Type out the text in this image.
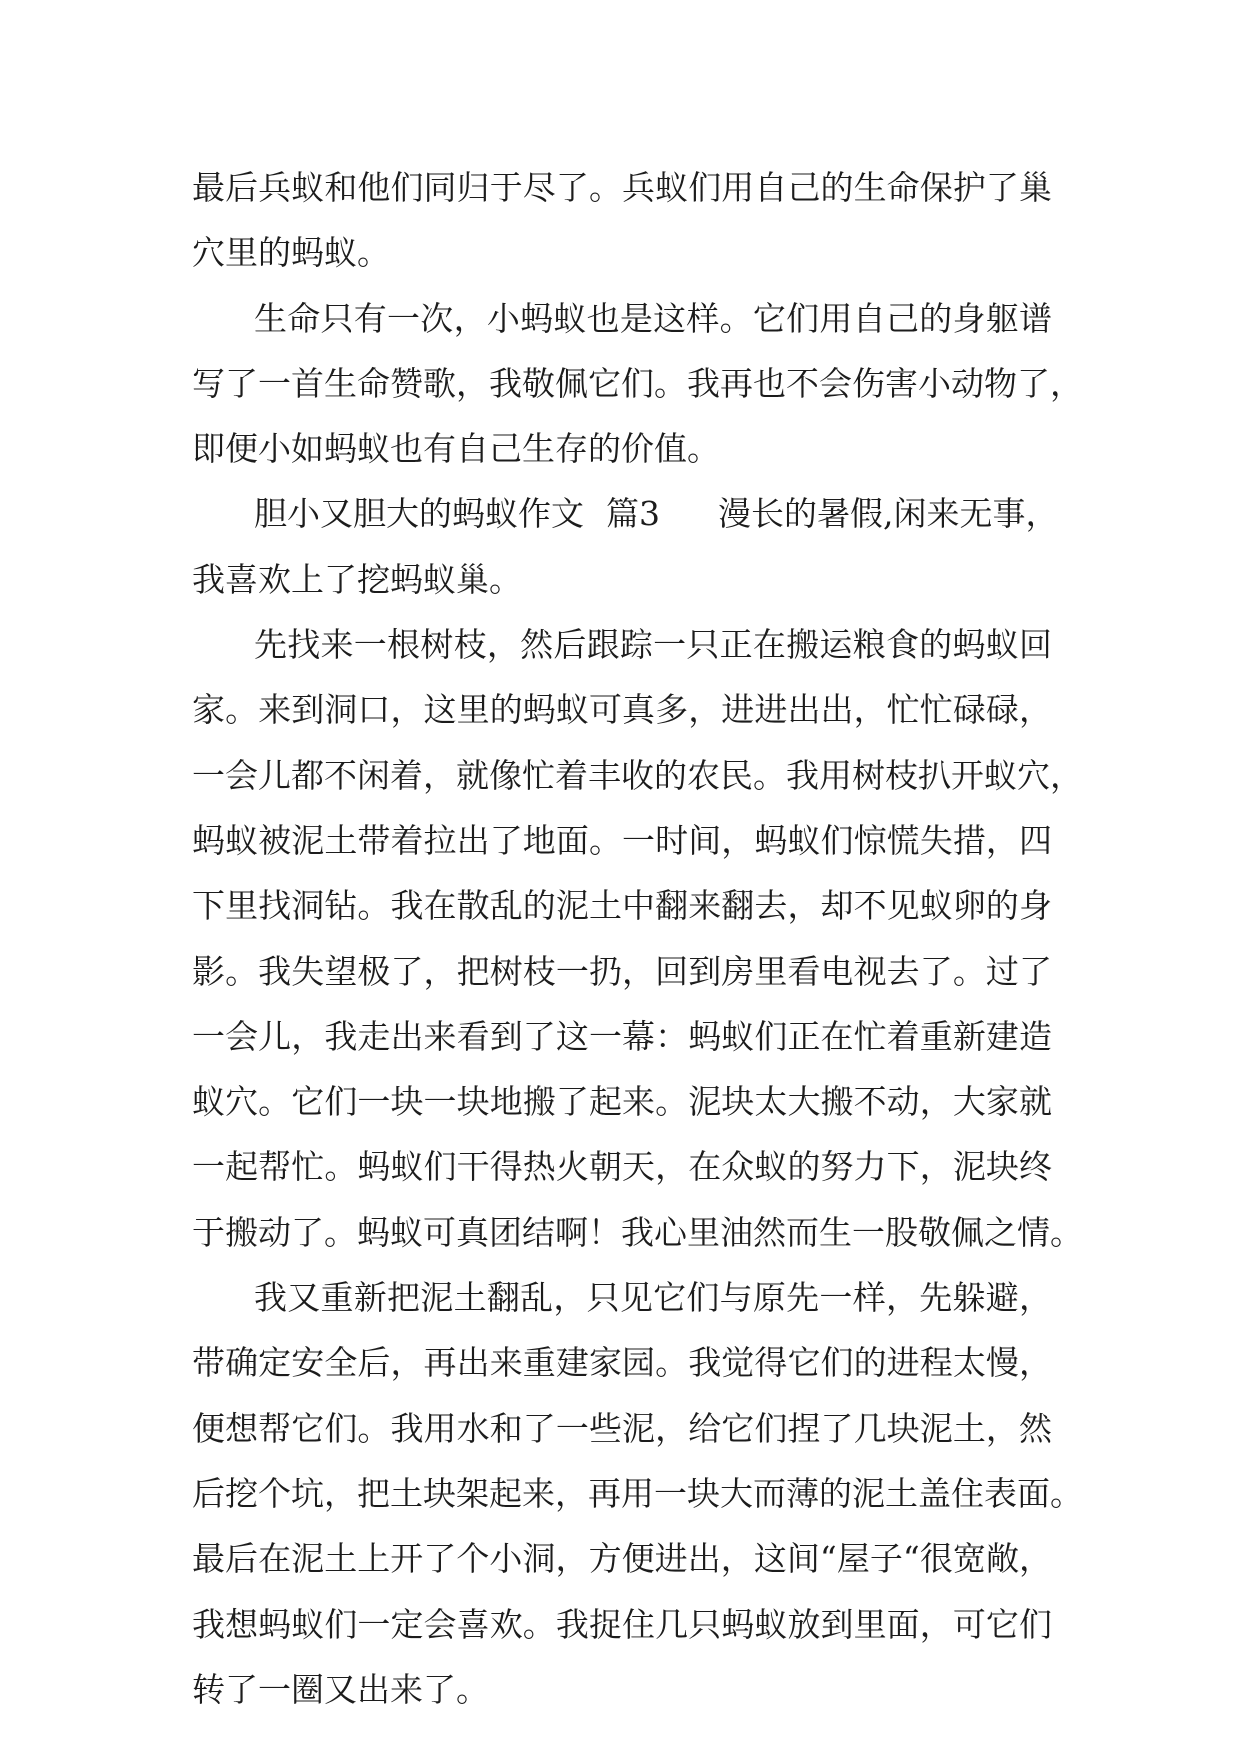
最后兵蚁和他们同归于尽了。兵蚁们用自己的生命保护了巢
穴里的蚂蚁。
生命只有一次，小蚂蚁也是这样。它们用自己的身躯谱
写了一首生命赞歌，我敬佩它们。我再也不会伤害小动物了，
即便小如蚂蚁也有自己生存的价值。
胆小又胆大的蚂蚁作文 篇3 漫长的暑假,闲来无事，
我喜欢上了挖蚂蚁巢。
先找来一根树枝，然后跟踪一只正在搬运粮食的蚂蚁回
家。来到洞口，这里的蚂蚁可真多，进进出出，忙忙碌碌，
一会儿都不闲着，就像忙着丰收的农民。我用树枝扒开蚁穴，
蚂蚁被泥土带着拉出了地面。一时间，蚂蚁们惊慌失措，四
下里找洞钻。我在散乱的泥土中翻来翻去，却不见蚁卵的身
影。我失望极了，把树枝一扔，回到房里看电视去了。过了
一会儿，我走出来看到了这一幕：蚂蚁们正在忙着重新建造
蚁穴。它们一块一块地搬了起来。泥块太大搬不动，大家就
一起帮忙。蚂蚁们干得热火朝天，在众蚁的努力下，泥块终
于搬动了。蚂蚁可真团结啊！我心里油然而生一股敬佩之情。
我又重新把泥土翻乱，只见它们与原先一样，先躲避，
带确定安全后，再出来重建家园。我觉得它们的进程太慢，
便想帮它们。我用水和了一些泥，给它们捏了几块泥土，然
后挖个坑，把土块架起来，再用一块大而薄的泥土盖住表面。
最后在泥土上开了个小洞，方便进出，这间“屋子“很宽敞，
我想蚂蚁们一定会喜欢。我捉住几只蚂蚁放到里面，可它们
转了一圈又出来了。
